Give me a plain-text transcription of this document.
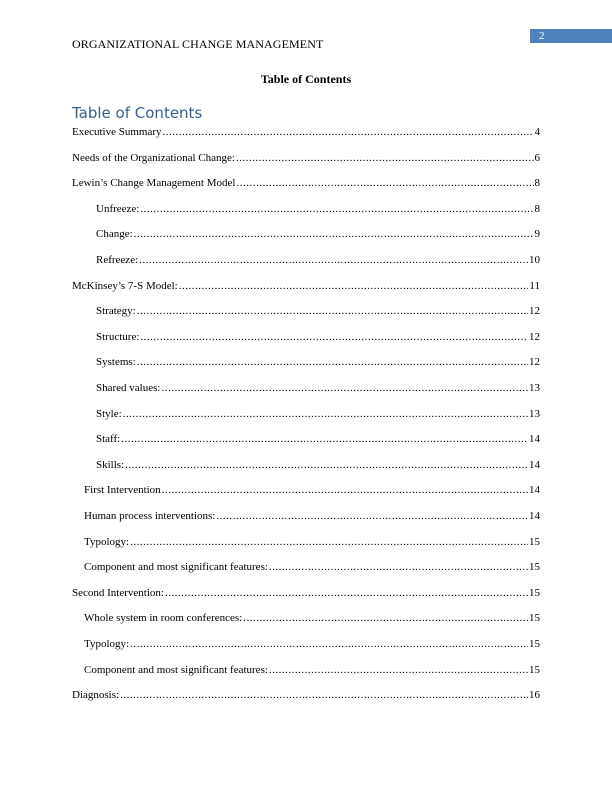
2
ORGANIZATIONAL CHANGE MANAGEMENT
Table of Contents
Table of Contents
Executive Summary .....	4
Needs of the Organizational Change: .....	6
Lewin’s Change Management Model .....	8
Unfreeze: .....	8
Change: .....	9
Refreeze: .....	10
McKinsey’s 7-S Model: .....	11
Strategy: .....	12
Structure: .....	12
Systems: .....	12
Shared values: .....	13
Style: .....	13
Staff: .....	14
Skills: .....	14
First Intervention .....	14
Human process interventions: .....	14
Typology: .....	15
Component and most significant features: .....	15
Second Intervention: .....	15
Whole system in room conferences: .....	15
Typology: .....	15
Component and most significant features: .....	15
Diagnosis: .....	16
